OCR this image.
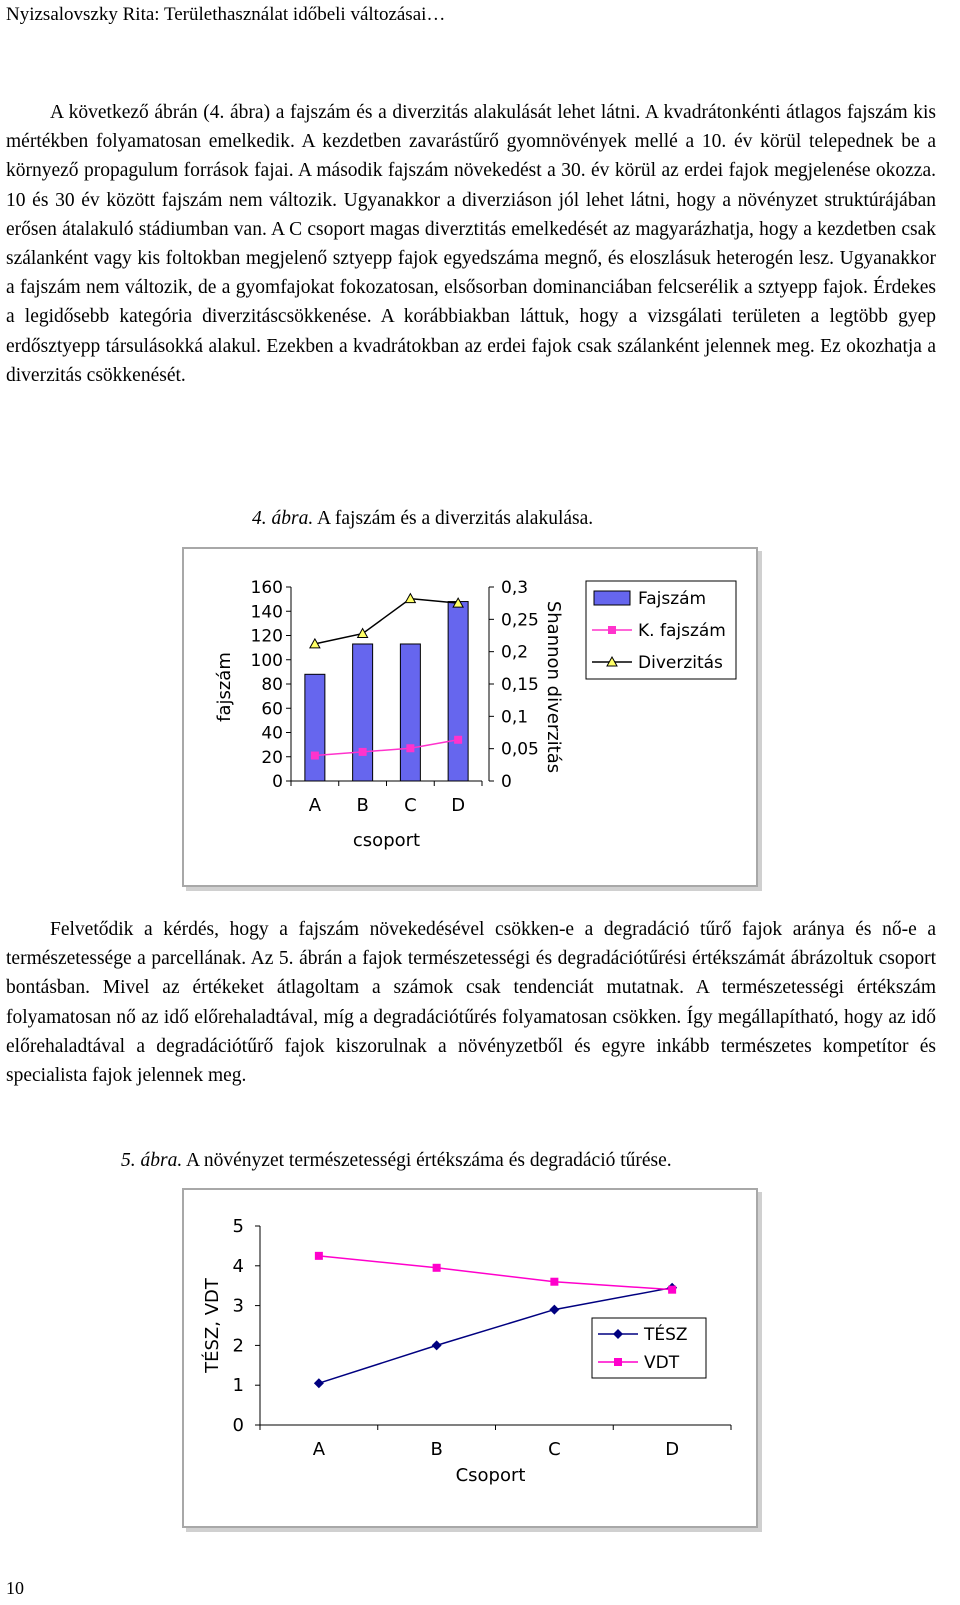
Nyizsalovszky Rita: Területhasználat időbeli változásai…

A következő ábrán (4. ábra) a fajszám és a diverzitás alakulását lehet látni. A kvadrátonkénti átlagos fajszám kis mértékben folyamatosan emelkedik. A kezdetben zavarástűrő gyomnövények mellé a 10. év körül telepednek be a környező propagulum források fajai. A második fajszám növekedést a 30. év körül az erdei fajok megjelenése okozza. 10 és 30 év között fajszám nem változik. Ugyanakkor a diverziáson jól lehet látni, hogy a növényzet struktúrájában erősen átalakuló stádiumban van. A C csoport magas diverztitás emelkedését az magyarázhatja, hogy a kezdetben csak szálanként vagy kis foltokban megjelenő sztyepp fajok egyedszáma megnő, és eloszlásuk heterogén lesz. Ugyanakkor a fajszám nem változik, de a gyomfajokat fokozatosan, elsősorban dominanciában felcserélik a sztyepp fajok. Érdekes a legidősebb kategória diverzitáscsökkenése. A korábbiakban láttuk, hogy a vizsgálati területen a legtöbb gyep erdősztyepp társulásokká alakul. Ezekben a kvadrátokban az erdei fajok csak szálanként jelennek meg. Ez okozhatja a diverzitás csökkenését.

4. ábra. A fajszám és a diverzitás alakulása.
0
20
40
60
80
100
120
140
160
A B C D
csoport
fajszám
0
0,05
0,1
0,15
0,2
0,25
0,3
Shannon diverzitás
Fajszám
K. fajszám
Diverzitás

Felvetődik a kérdés, hogy a fajszám növekedésével csökken-e a degradáció tűrő fajok aránya és nő-e a természetessége a parcellának. Az 5. ábrán a fajok természetességi és degradációtűrési értékszámát ábrázoltuk csoport bontásban. Mivel az értékeket átlagoltam a számok csak tendenciát mutatnak. A természetességi értékszám folyamatosan nő az idő előrehaladtával, míg a degradációtűrés folyamatosan csökken. Így megállapítható, hogy az idő előrehaladtával a degradációtűrő fajok kiszorulnak a növényzetből és egyre inkább természetes kompetítor és specialista fajok jelennek meg.

5. ábra. A növényzet természetességi értékszáma és degradáció tűrése.
0
1
2
3
4
5
A	B	C	D
Csoport
TÉSZ, VDT	TÉSZ
VDT
10
